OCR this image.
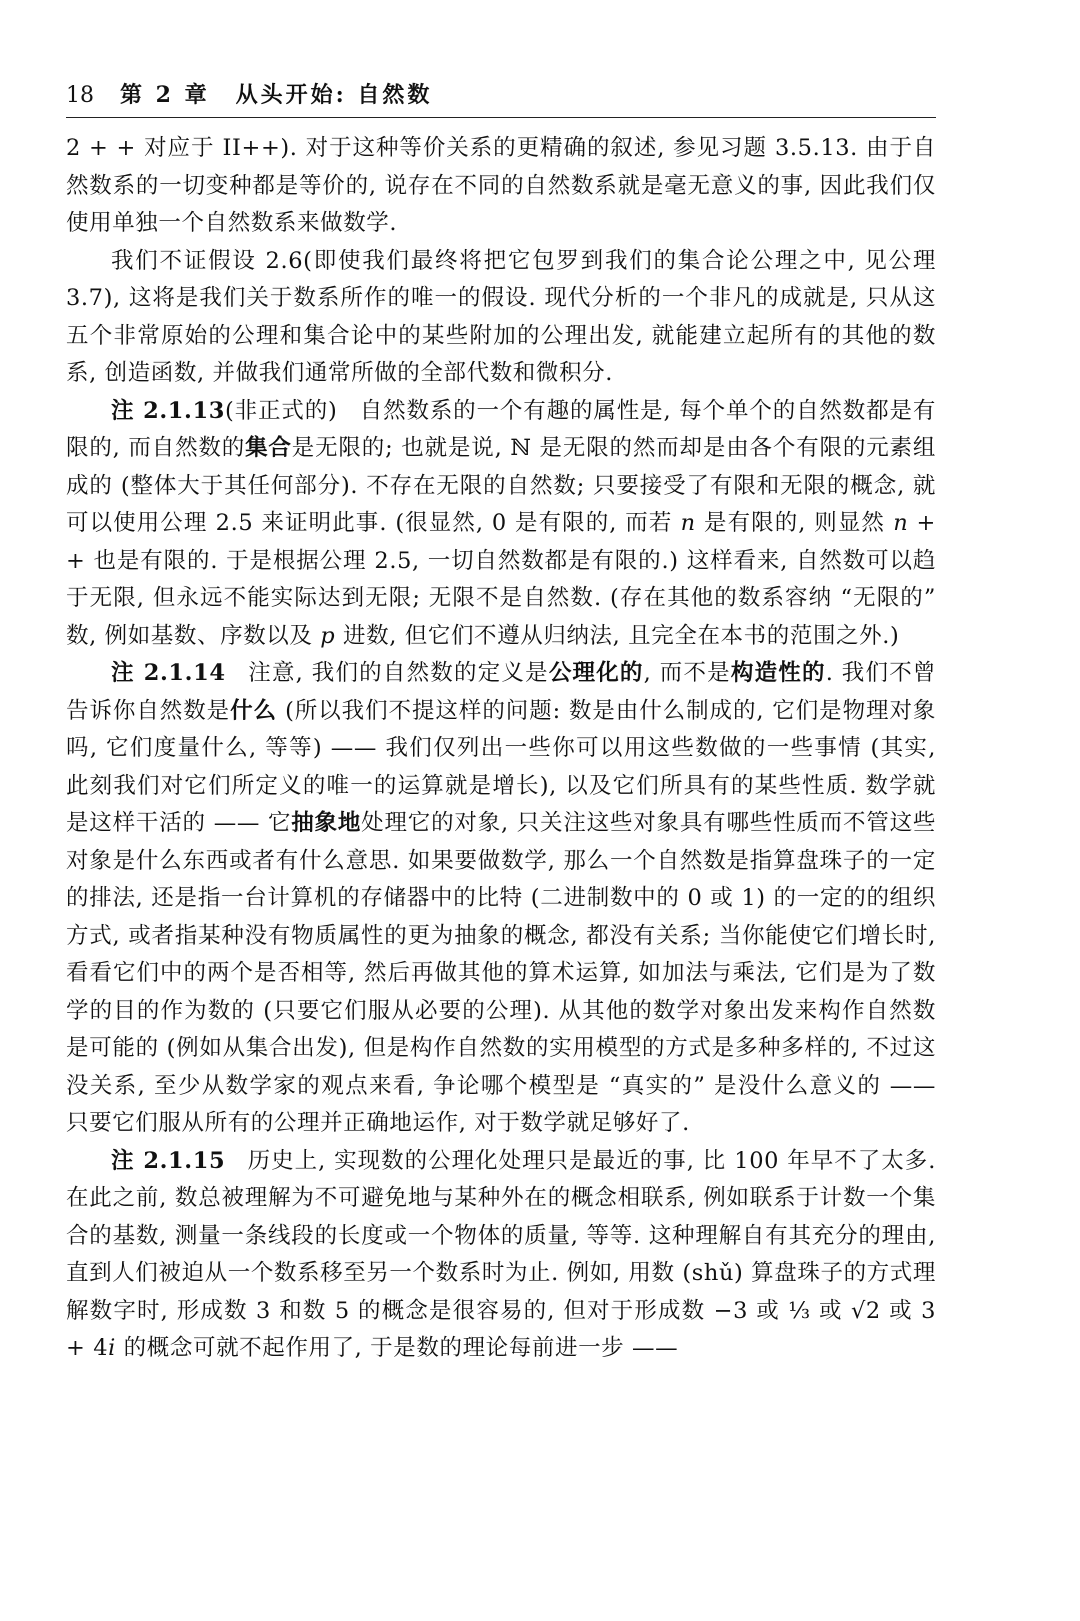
18 第 2 章 从头开始: 自然数

2 + + 对应于 II++). 对于这种等价关系的更精确的叙述, 参见习题 3.5.13. 由于自然数系的一切变种都是等价的, 说存在不同的自然数系就是毫无意义的事, 因此我们仅使用单独一个自然数系来做数学.

我们不证假设 2.6(即使我们最终将把它包罗到我们的集合论公理之中, 见公理 3.7), 这将是我们关于数系所作的唯一的假设. 现代分析的一个非凡的成就是, 只从这五个非常原始的公理和集合论中的某些附加的公理出发, 就能建立起所有的其他的数系, 创造函数, 并做我们通常所做的全部代数和微积分.

注 2.1.13(非正式的) 自然数系的一个有趣的属性是, 每个单个的自然数都是有限的, 而自然数的集合是无限的; 也就是说, ℕ 是无限的然而却是由各个有限的元素组成的 (整体大于其任何部分). 不存在无限的自然数; 只要接受了有限和无限的概念, 就可以使用公理 2.5 来证明此事. (很显然, 0 是有限的, 而若 n 是有限的, 则显然 n + + 也是有限的. 于是根据公理 2.5, 一切自然数都是有限的.) 这样看来, 自然数可以趋于无限, 但永远不能实际达到无限; 无限不是自然数. (存在其他的数系容纳 “无限的” 数, 例如基数、序数以及 p 进数, 但它们不遵从归纳法, 且完全在本书的范围之外.)

注 2.1.14 注意, 我们的自然数的定义是公理化的, 而不是构造性的. 我们不曾告诉你自然数是什么 (所以我们不提这样的问题: 数是由什么制成的, 它们是物理对象吗, 它们度量什么, 等等) —— 我们仅列出一些你可以用这些数做的一些事情 (其实, 此刻我们对它们所定义的唯一的运算就是增长), 以及它们所具有的某些性质. 数学就是这样干活的 —— 它抽象地处理它的对象, 只关注这些对象具有哪些性质而不管这些对象是什么东西或者有什么意思. 如果要做数学, 那么一个自然数是指算盘珠子的一定的排法, 还是指一台计算机的存储器中的比特 (二进制数中的 0 或 1) 的一定的的组织方式, 或者指某种没有物质属性的更为抽象的概念, 都没有关系; 当你能使它们增长时, 看看它们中的两个是否相等, 然后再做其他的算术运算, 如加法与乘法, 它们是为了数学的目的作为数的 (只要它们服从必要的公理). 从其他的数学对象出发来构作自然数是可能的 (例如从集合出发), 但是构作自然数的实用模型的方式是多种多样的, 不过这没关系, 至少从数学家的观点来看, 争论哪个模型是 “真实的” 是没什么意义的 —— 只要它们服从所有的公理并正确地运作, 对于数学就足够好了.

注 2.1.15 历史上, 实现数的公理化处理只是最近的事, 比 100 年早不了太多. 在此之前, 数总被理解为不可避免地与某种外在的概念相联系, 例如联系于计数一个集合的基数, 测量一条线段的长度或一个物体的质量, 等等. 这种理解自有其充分的理由, 直到人们被迫从一个数系移至另一个数系时为止. 例如, 用数 (shǔ) 算盘珠子的方式理解数字时, 形成数 3 和数 5 的概念是很容易的, 但对于形成数 −3 或 ⅓ 或 √2 或 3 + 4i 的概念可就不起作用了, 于是数的理论每前进一步 ——
